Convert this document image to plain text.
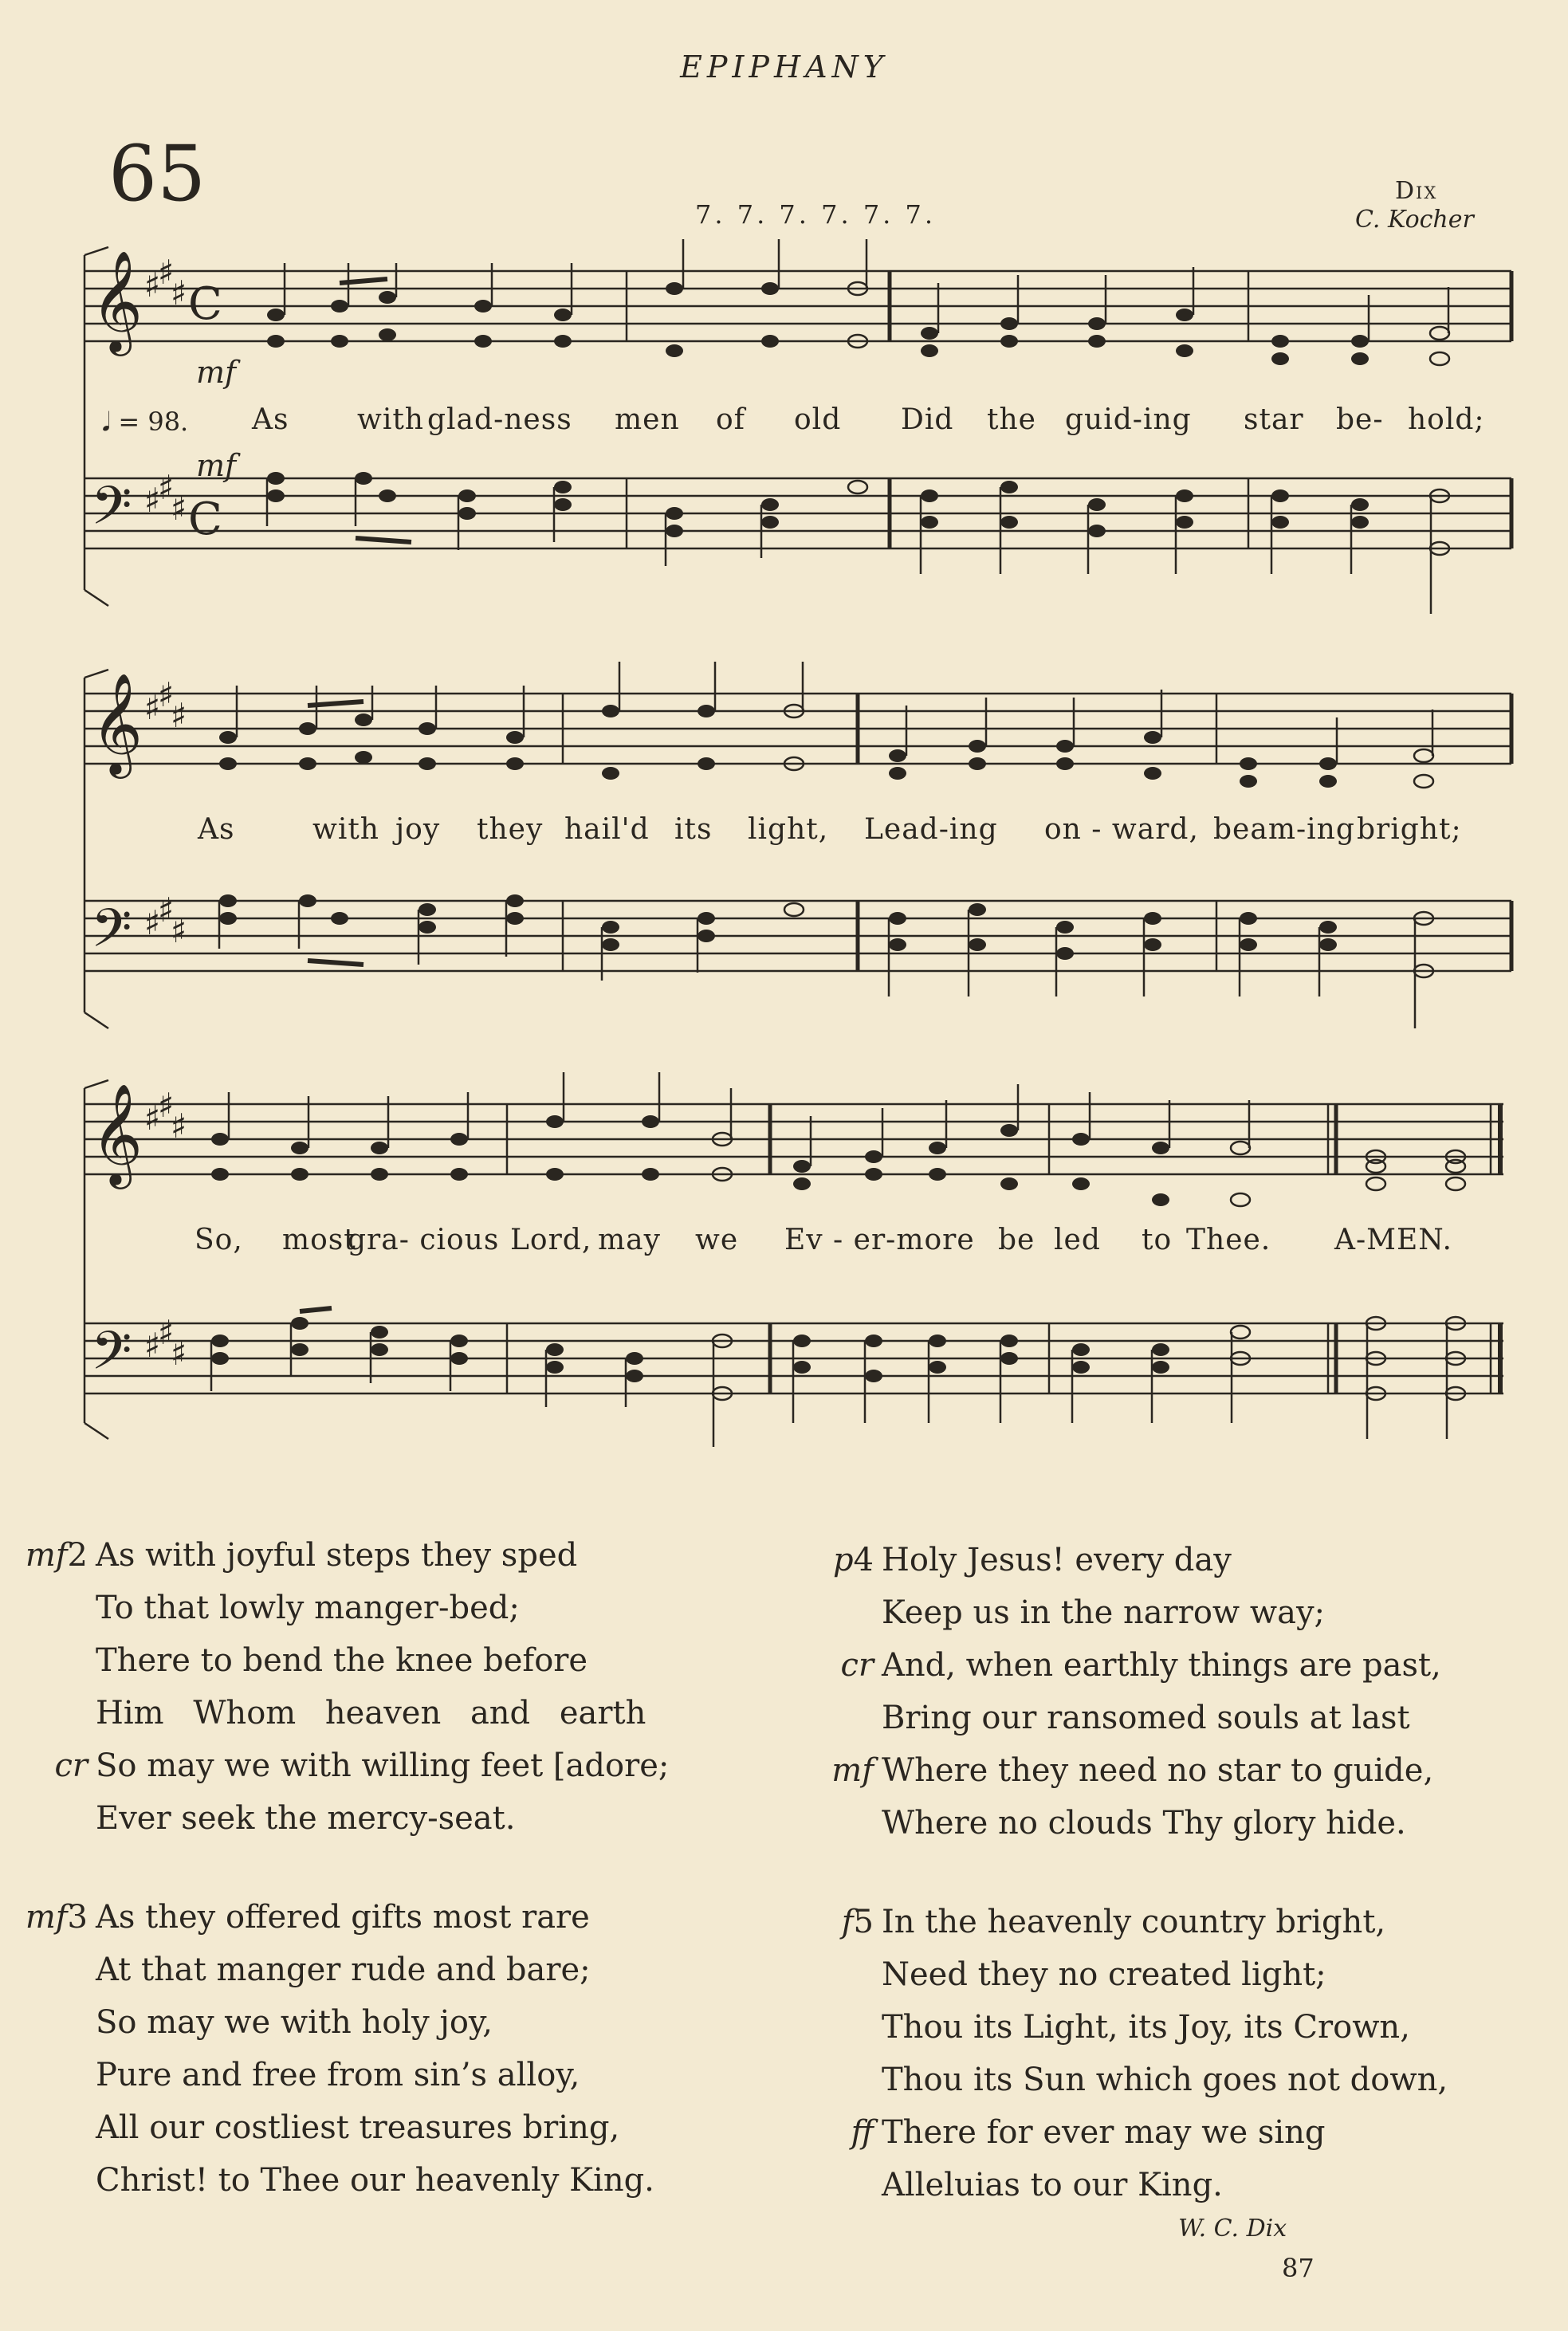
EPIPHANY
65	7. 7. 7. 7. 7. 7.
Dix
C. Kocher
𝄞
𝄢
♯
♯
♯
♯
♯
♯
C
C
mf
𝅘𝅥 = 98.
mf
As with glad-ness men of old Did the guid-ing star be- hold;
𝄞
𝄢
♯
♯
♯
♯
♯
♯
As	with joy they hail'd its light, Lead-ing on - ward, beam-ing bright;
𝄞
𝄢
♯
♯
♯
♯
♯
♯
So, most
gra- cious Lord, may we Ev - er-more be led to Thee. A-MEN.
mf2 As with joyful steps they sped
To that lowly manger-bed;
There to bend the knee before
Him Whom heaven and earth
cr So may we with willing feet [adore;
Ever seek the mercy-seat.
mf3 As they offered gifts most rare
At that manger rude and bare;
So may we with holy joy,
Pure and free from sin’s alloy,
All our costliest treasures bring,
Christ! to Thee our heavenly King.
p4 Holy Jesus! every day
Keep us in the narrow way;
cr And, when earthly things are past,
Bring our ransomed souls at last
mf Where they need no star to guide,
Where no clouds Thy glory hide.
f5 In the heavenly country bright,
Need they no created light;
Thou its Light, its Joy, its Crown,
Thou its Sun which goes not down,
ff There for ever may we sing
Alleluias to our King.
W. C. Dix
87
